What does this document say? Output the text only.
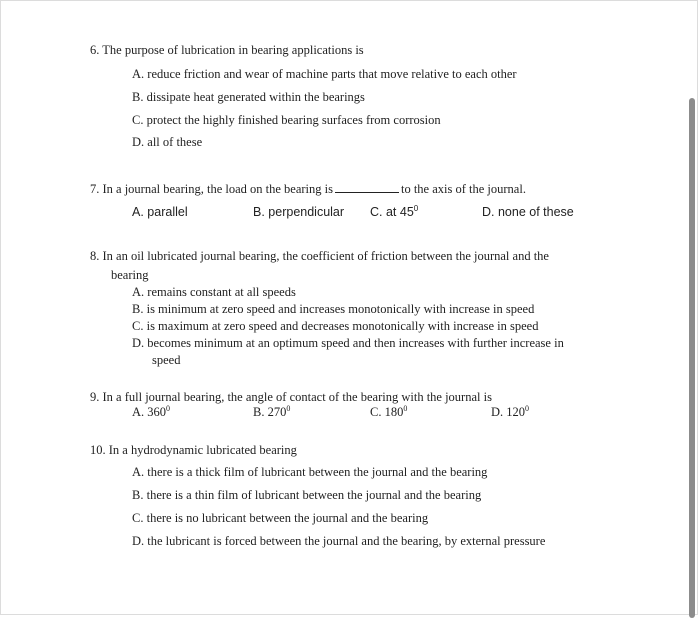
6. The purpose of lubrication in bearing applications is
A. reduce friction and wear of machine parts that move relative to each other
B. dissipate heat generated within the bearings
C. protect the highly finished bearing surfaces from corrosion
D. all of these
7. In a journal bearing, the load on the bearing is	to the axis of the journal.
A. parallel	B. perpendicular C. at $45^0$	D. none of these
8. In an oil lubricated journal bearing, the coefficient of friction between the journal and the
bearing
A. remains constant at all speeds
B. is minimum at zero speed and increases monotonically with increase in speed
C. is maximum at zero speed and decreases monotonically with increase in speed
D. becomes minimum at an optimum speed and then increases with further increase in
speed
9. In a full journal bearing, the angle of contact of the bearing with the journal is
A. $360^0$	B. $270^0$	C. $180^0$	D. $120^0$
10. In a hydrodynamic lubricated bearing
A. there is a thick film of lubricant between the journal and the bearing
B. there is a thin film of lubricant between the journal and the bearing
C. there is no lubricant between the journal and the bearing
D. the lubricant is forced between the journal and the bearing, by external pressure
